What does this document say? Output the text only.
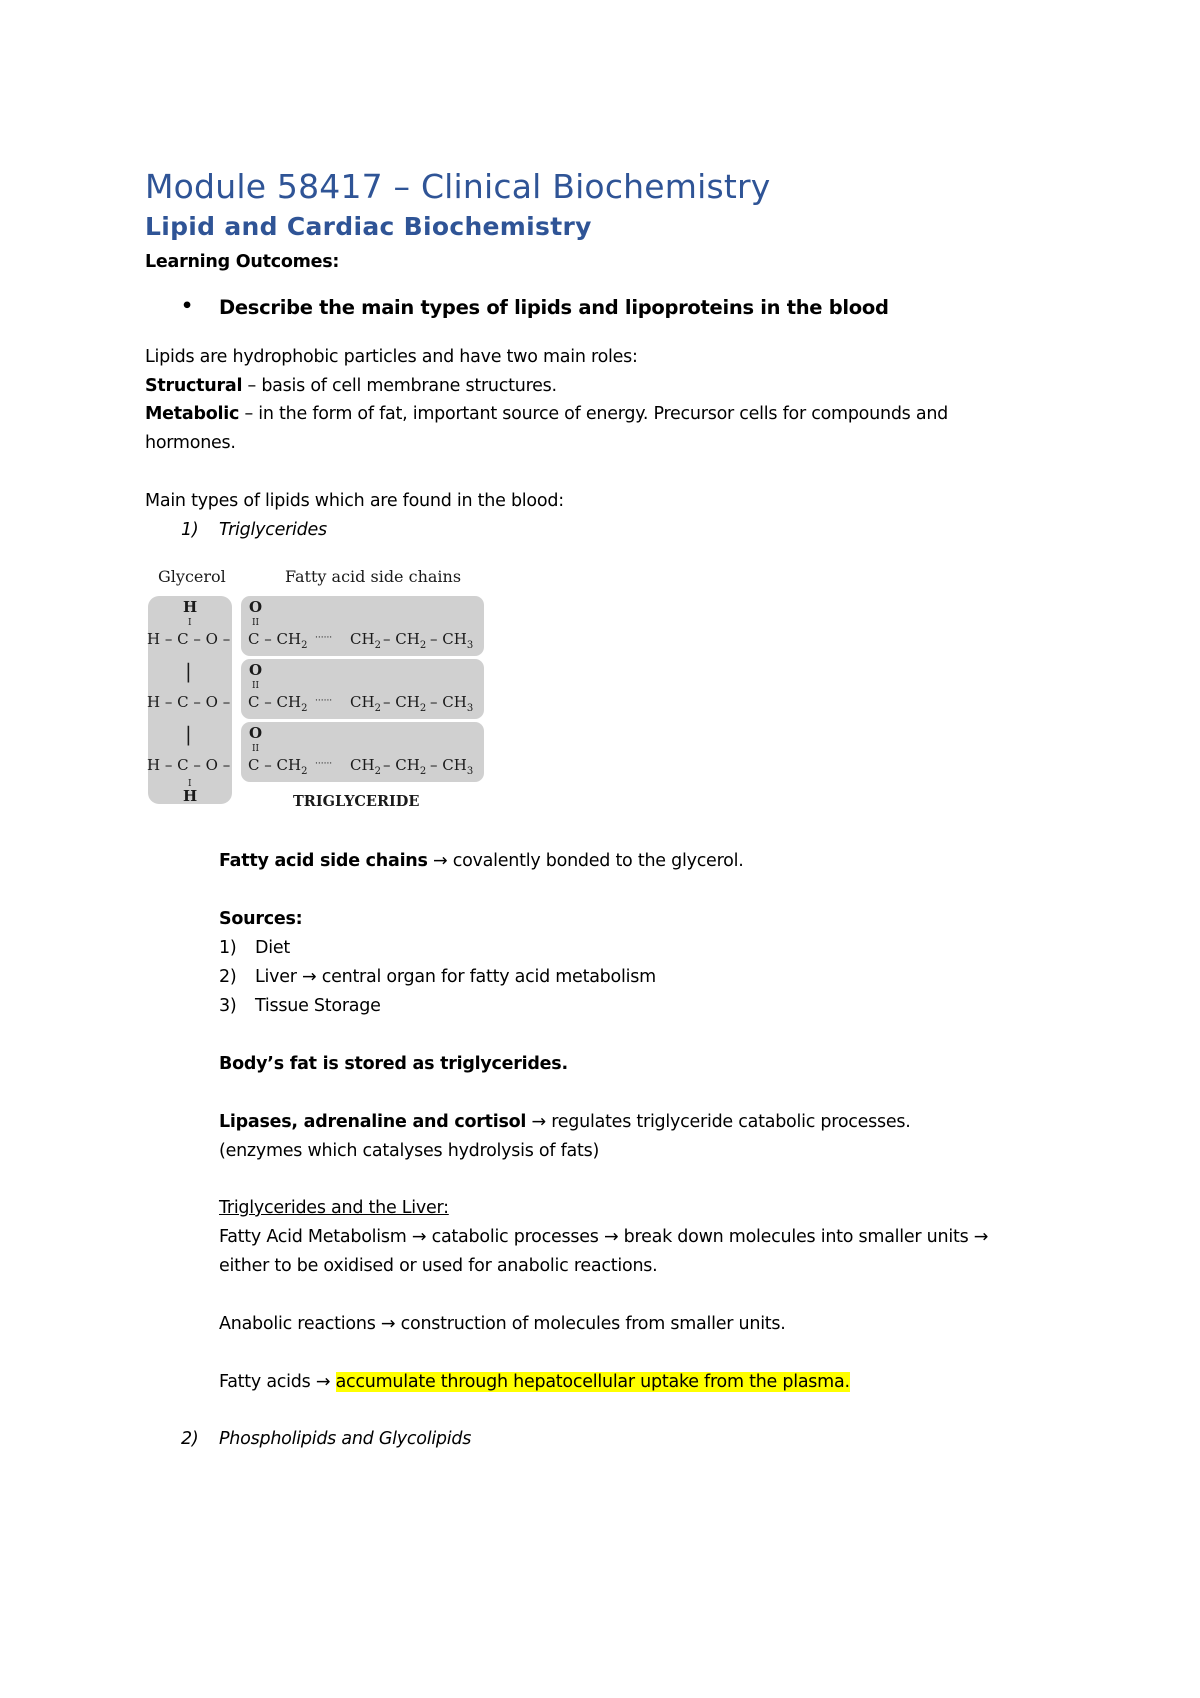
Module 58417 – Clinical Biochemistry
Lipid and Cardiac Biochemistry
Learning Outcomes:
• Describe the main types of lipids and lipoproteins in the blood
Lipids are hydrophobic particles and have two main roles:
Structural – basis of cell membrane structures.
Metabolic – in the form of fat, important source of energy. Precursor cells for compounds and
hormones.
Main types of lipids which are found in the blood:
1) Triglycerides
Glycerol	Fatty acid side chains
H
I
O
II
H – C – O – C – $CH_2$
······ $CH_2 - CH_2 - CH_3$
|	O
II
H – C – O – C – $CH_2$
······ $CH_2 - CH_2 - CH_3$
|	O
II
H – C – O – C – $CH_2$
······ $CH_2 - CH_2 - CH_3$
I
H	TRIGLYCERIDE
Fatty acid side chains → covalently bonded to the glycerol.
Sources:
1) Diet
2) Liver → central organ for fatty acid metabolism
3) Tissue Storage
Body’s fat is stored as triglycerides.
Lipases, adrenaline and cortisol → regulates triglyceride catabolic processes.
(enzymes which catalyses hydrolysis of fats)
Triglycerides and the Liver:
Fatty Acid Metabolism → catabolic processes → break down molecules into smaller units →
either to be oxidised or used for anabolic reactions.
Anabolic reactions → construction of molecules from smaller units.
Fatty acids → accumulate through hepatocellular uptake from the plasma.
2) Phospholipids and Glycolipids
